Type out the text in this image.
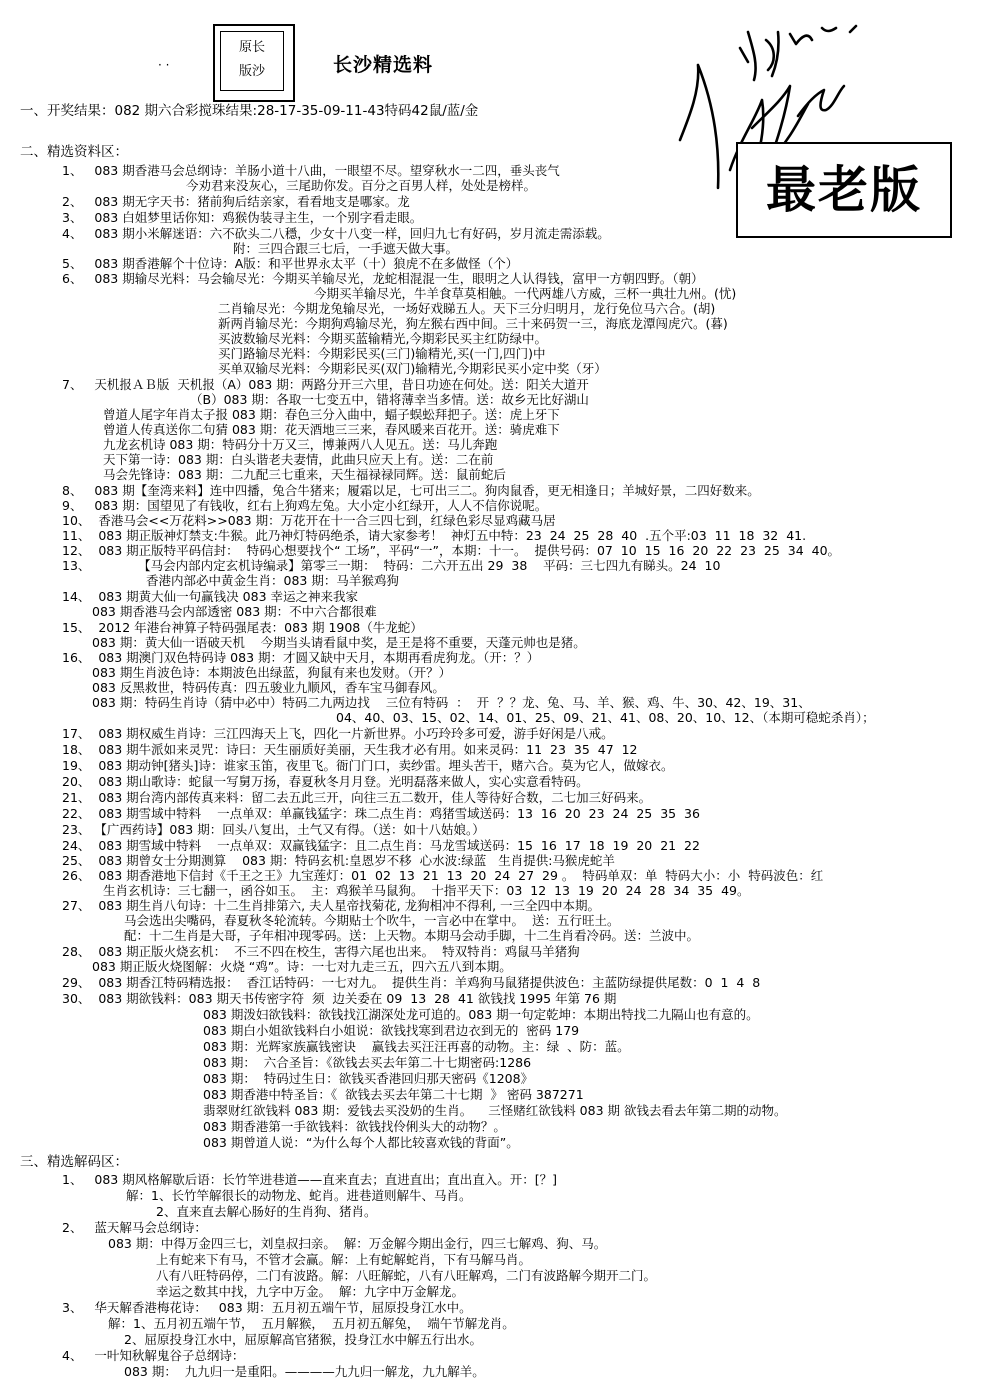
原长
版沙
· ·	长沙精选料
最老版
一、开奖结果：082 期六合彩搅珠结果:28-17-35-09-11-43特码42鼠/蓝/金
二、精选资料区：
1、   083 期香港马会总纲诗：羊肠小道十八曲，一眼望不尽。望穿秋水一二四，垂头丧气
今劝君来没灰心，三尾助你发。百分之百男人样，处处是榜样。
2、   083 期无字天书：猪前狗后结亲家，看看地支是哪家。龙
3、   083 白姐梦里话你知：鸡猴伪装寻主生，一个别字看走眼。
4、   083 期小米解迷语：六不砍头二八穩，少女十八变一样，回归九七有好码，岁月流走需添载。
附：三四合跟三七后，一手遮天做大事。
5、   083 期香港解个十位诗：A版：和平世界永太平（十）狼虎不在多做怪（个）
6、   083 期输尽光料：马会输尽光：今期买羊输尽光，龙蛇相混混一生，眼明之人认得钱，富甲一方朝四野。（朝）
今期买羊输尽光，牛羊食草莫相触。一代两雄八方威，三杯一典壮九州。(忧)
二肖输尽光：今期龙兔输尽光，一场好戏睇五人。天下三分归明月，龙行免位马六合。(胡)
新两肖输尽光：今期狗鸡输尽光，狗左猴右西中间。三十来码贺一三，海底龙潭闯虎穴。(暮)
买波数输尽光料：今期买蓝输精光,今期彩民买主红防绿中。
买门路输尽光料：今期彩民买(三门)输精光,买(一门,四门)中
买单双输尽光料：今期彩民买(双门)输精光,今期彩民买小定中奖（牙）
7、   天机报ＡＢ版  天机报（A）083 期：两路分开三六里，昔日功迹在何处。送：阳关大道开
（B）083 期：各取一七变五中，错将薄幸当多情。送：故乡无比好湖山
曾道人尾字年肖太子报 083 期：春色三分入曲中，蝠子蜈蚣拜把子。送：虎上牙下
曾道人传真送你二句猜 083 期：花天酒地三三来，春风暖来百花开。送：骑虎难下
九龙玄机诗 083 期：特码分十万又三，博兼两八人见五。送：马儿奔跑
天下第一诗：083 期：白头谐老夫妻情，此曲只应天上有。送：二在前
马会先锋诗：083 期：二九配三七重来，天生福禄禄同辉。送：鼠前蛇后
8、   083 期【奎湾来料】连中四播，兔合牛猪来；履霜以足，七可出三二。狗肉鼠香，更无相逢日；羊城好景，二四好数来。
9、   083 期：国望见了有钱收，红右上狗鸡左兔。大小定小红绿开，人人不信你说呢。
10、  香港马会<<万花料>>083 期：万花开在十一合三四七到，红绿色彩尽显鸡藏马居
11、  083 期正版神灯禁支:牛猴。此乃神灯特码绝杀，请大家参考！  神灯五中特：23  24  25  28  40  .五个平:03  11  18  32  41.
12、  083 期正版特平码信封：  特码心想要找个“ 工场”，平码“一”，本期：十一。  提供号码：07  10  15  16  20  22  23  25  34  40。
13、            【马会内部内定玄机诗编录】第零三一期：  特码：二六开五出 29  38    平码：三七四九有睇头。24  10
香港内部必中黄金生肖：083 期：马羊猴鸡狗
14、  083 期黄大仙一句赢钱决 083 幸运之神来我家
083 期香港马会内部透密 083 期：不中六合都很难
15、  2012 年港台神算子特码强尾表：083 期 1908（牛龙蛇）
083 期：黄大仙一语破天机    今期当头请看鼠中奖，是王是将不重要，天蓬元帅也是猪。
16、  083 期澳门双色特码诗 083 期：才圆又缺中天月，本期再看虎狗龙。（开：？）
083 期生肖波色诗：本期波色出绿蓝，狗鼠有来也发财。（开？）
083 反黑救世，特码传真：四五骏业九顺风，香车宝马御春风。
083 期：特码生肖诗（猜中必中）特码二九两边找    三位有特码  ：  开  ？？龙、兔、马、羊、猴、鸡、牛、30、42、19、31、
04、40、03、15、02、14、01、25、09、21、41、08、20、10、12、（本期可稳蛇杀肖）；
17、  083 期权威生肖诗：三江四海天上飞，四化一片新世界。小巧玲玲多可爱，游手好闲是八戒。
18、  083 期牛派如来灵咒：诗曰：天生丽质好美丽，天生我才必有用。如来灵码：11  23  35  47  12
19、  083 期动钟[猪头]诗：谁家玉笛，夜里飞。衙门门口，卖纱雷。埋头苦干，赌六合。莫为它人，做嫁衣。
20、  083 期山歌诗：蛇鼠一写舅万扬，春夏秋冬月月登。光明磊落来做人，实心实意看特码。
21、  083 期台湾内部传真来料：留二去五此三开，向往三五二数开，佳人等待好合数，二七加三好码来。
22、  083 期雪域中特料    一点单双：单赢钱猛字：珠二点生肖：鸡猪雪域送码：13  16  20  23  24  25  35  36
23、 【广西药诗】083 期：回头八复出，土气又有得。（送：如十八姑娘。）
24、  083 期雪域中特料    一点单双：双赢钱猛字：且二点生肖：马龙雪域送码：15  16  17  18  19  20  21  22
25、  083 期曾女士分期测算    083 期：特码玄机:皇恩岁不移  心水波:绿蓝   生肖提供:马猴虎蛇羊
26、  083 期香港地下信封《千王之王》九宝莲灯：01  02  13  21  13  20  24  27  29 。  特码单双：单  特码大小：小  特码波色：红
生肖玄机诗：三七翻一，函谷如玉。  主：鸡猴羊马鼠狗。  十指平天下：03  12  13  19  20  24  28  34  35  49。
27、  083 期生肖八句诗：十二生肖排第六, 夫人星帝找菊花, 龙狗相冲不得利, 一三全四中本期。
马会选出尖嘴码，春夏秋冬轮流转。今期贴士个吹牛，一言必中在掌中。  送：五行旺土。
配：十二生肖是大哥，子年相冲现零码。送：上天物。本期马会动手脚，十二生肖看冷码。送：兰波中。
28、  083 期正版火烧玄机：  不三不四在校生，害得六尾也出来。  特双特肖：鸡鼠马羊猪狗
083 期正版火烧图解：火烧 “鸡”。诗：一七对九走三五，四六五八到本期。
29、  083 期香江特码精选报：  香江话特码：一七对九。  提供生肖：羊鸡狗马鼠猪提供波色：主蓝防绿提供尾数：0  1  4  8
30、  083 期欲钱料：083 期天书传密字符  须  边关委在 09  13  28  41 欲钱找 1995 年第 76 期
083 期泼妇欲钱料：欲钱找江湖深处龙可追的。083 期一句定乾坤：本期出特找二九隔山也有意的。
083 期白小姐欲钱料白小姐说：欲钱找寒到君边衣到无的  密码 179
083 期：光辉家族赢钱密诀    赢钱去买汪汪再喜的动物。主：绿  、防：蓝。
083 期：  六合圣旨：《欲钱去买去年第二十七期密码:1286
083 期：  特码过生日：欲钱买香港回归那天密码《1208》
083 期香港中特圣旨：《  欲钱去买去年第二十七期  》 密码 387271
翡翠财红欲钱料 083 期：爱钱去买没奶的生肖。    三怪赌红欲钱料 083 期 欲钱去看去年第二期的动物。
083 期香港第一手欲钱料：欲钱找伶俐头大的动物？。
083 期曾道人说：“为什么每个人都比较喜欢钱的背面”。
三、精选解码区：
1、   083 期风格解歇后语：长竹竿进巷道——直来直去；直进直出；直出直入。开：[？]
解：1、长竹竿解很长的动物龙、蛇肖。进巷道则解牛、马肖。
2、直来直去解心肠好的生肖狗、猪肖。
2、   蓝天解马会总纲诗：
083 期：中得万金四三七，刘皇叔扫亲。  解：万金解今期出金行，四三七解鸡、狗、马。
上有蛇来下有马，不管才会赢。解：上有蛇解蛇肖，下有马解马肖。
八有八旺特码停，二门有波路。解：八旺解蛇，八有八旺解鸡，二门有波路解今期开二门。
幸运之数其中找，九字中万金。  解：九字中万金解龙。
3、   华天解香港梅花诗：   083 期：五月初五端午节，屈原投身江水中。
解：1、五月初五端午节，  五月解猴，  五月初五解兔，  端午节解龙肖。
2、屈原投身江水中，屈原解高官猪猴，投身江水中解五行出水。
4、   一叶知秋解鬼谷子总纲诗：
083 期：  九九归一是重阳。————九九归一解龙，九九解羊。
